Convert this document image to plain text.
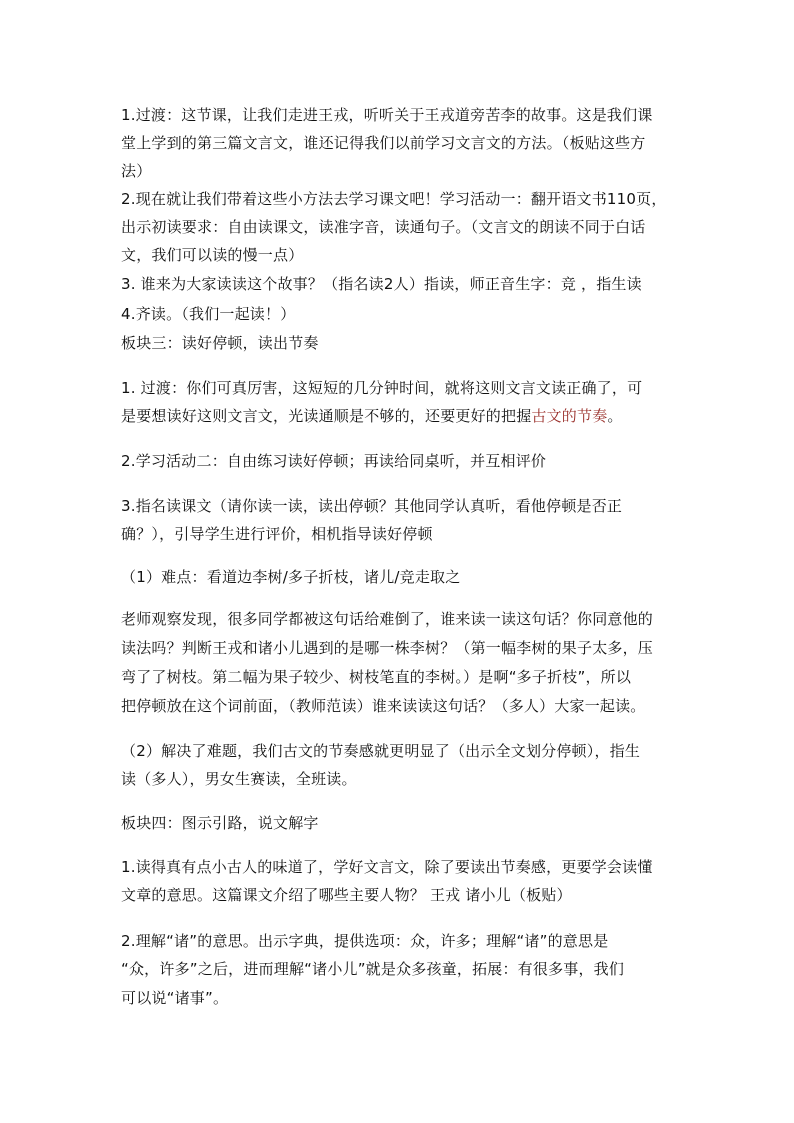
1.过渡：这节课，让我们走进王戎，听听关于王戎道旁苦李的故事。这是我们课
堂上学到的第三篇文言文，谁还记得我们以前学习文言文的方法。（板贴这些方
法）
2.现在就让我们带着这些小方法去学习课文吧！学习活动一：翻开语文书110页，
出示初读要求：自由读课文，读准字音，读通句子。（文言文的朗读不同于白话
文，我们可以读的慢一点）
3. 谁来为大家读读这个故事？（指名读2人）指读，师正音生字：竞 ，指生读
4.齐读。（我们一起读！）
板块三：读好停顿，读出节奏
1. 过渡：你们可真厉害，这短短的几分钟时间，就将这则文言文读正确了，可
是要想读好这则文言文，光读通顺是不够的，还要更好的把握古文的节奏。
2.学习活动二：自由练习读好停顿；再读给同桌听，并互相评价
3.指名读课文（请你读一读，读出停顿？其他同学认真听，看他停顿是否正
确？），引导学生进行评价，相机指导读好停顿
（1）难点：看道边李树/多子折枝，诸儿/竞走取之
老师观察发现，很多同学都被这句话给难倒了，谁来读一读这句话？你同意他的
读法吗？判断王戎和诸小儿遇到的是哪一株李树？（第一幅李树的果子太多，压
弯了了树枝。第二幅为果子较少、树枝笔直的李树。）是啊“多子折枝”，所以
把停顿放在这个词前面，（教师范读）谁来读读这句话？（多人）大家一起读。
（2）解决了难题，我们古文的节奏感就更明显了（出示全文划分停顿），指生
读（多人），男女生赛读，全班读。
板块四：图示引路，说文解字
1.读得真有点小古人的味道了，学好文言文，除了要读出节奏感，更要学会读懂
文章的意思。这篇课文介绍了哪些主要人物？ 王戎 诸小儿（板贴）
2.理解“诸”的意思。出示字典，提供选项：众，许多；理解“诸”的意思是
“众，许多”之后，进而理解“诸小儿”就是众多孩童，拓展：有很多事，我们
可以说“诸事”。
